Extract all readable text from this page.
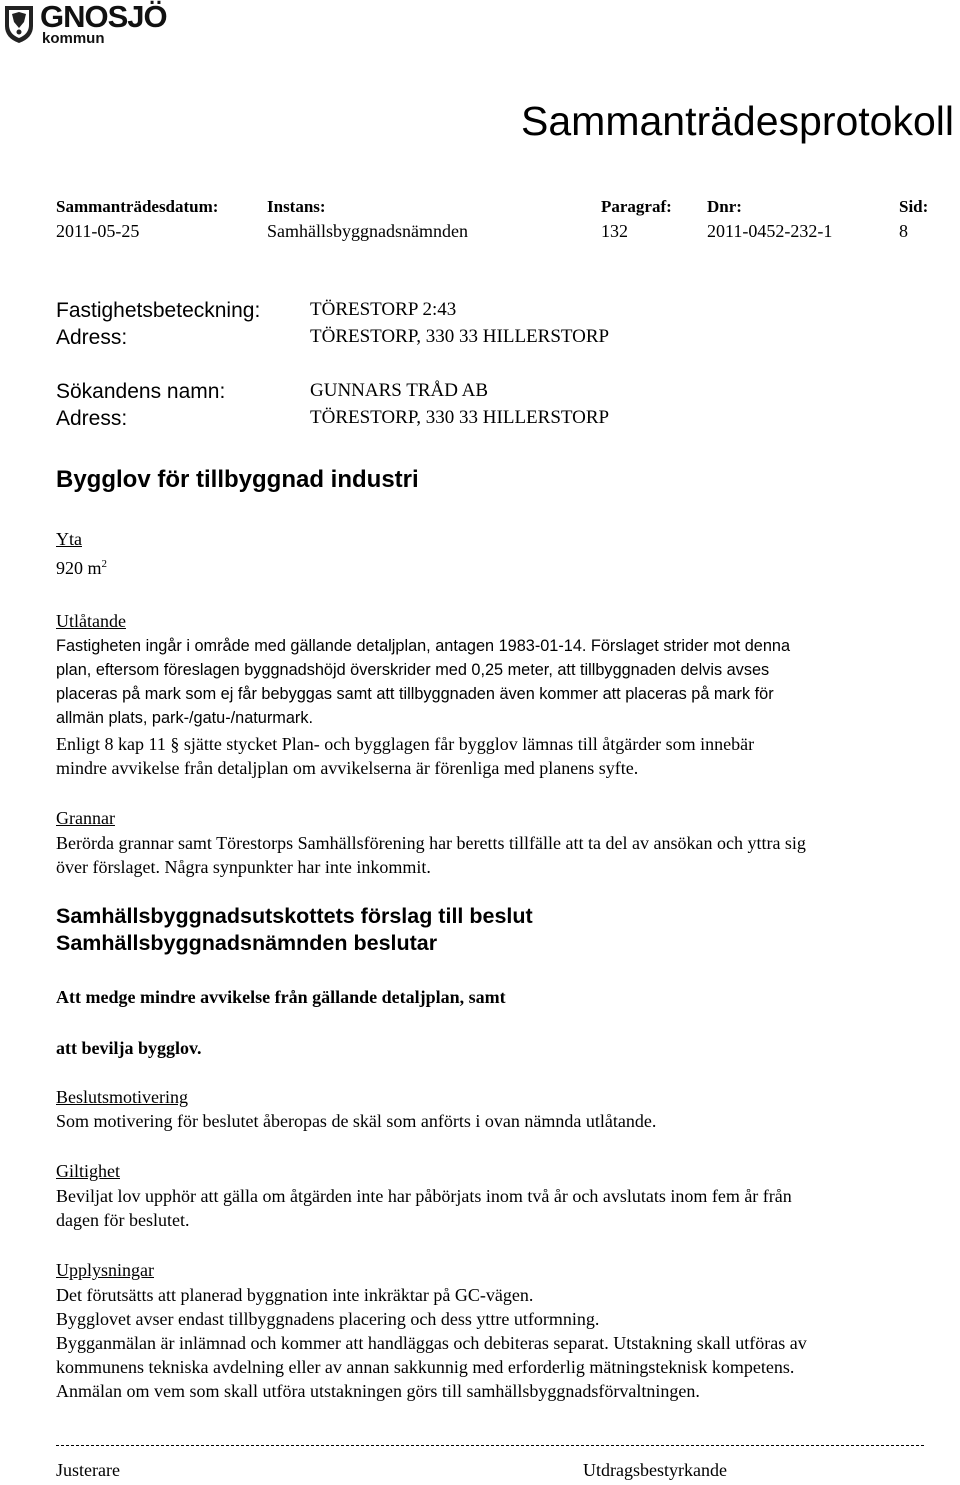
GNOSJÖ
kommun
Sammanträdesprotokoll
Sammanträdesdatum:
2011-05-25
Instans:
Samhällsbyggnadsnämnden
Paragraf:
132
Dnr:
2011-0452-232-1
Sid:
8
Fastighetsbeteckning:	TÖRESTORP 2:43
Adress:	TÖRESTORP, 330 33 HILLERSTORP
Sökandens namn:	GUNNARS TRÅD AB
Adress:	TÖRESTORP, 330 33 HILLERSTORP
Bygglov för tillbyggnad industri
Yta
920 $m^2$
Utlåtande
Fastigheten ingår i område med gällande detaljplan, antagen 1983-01-14. Förslaget strider mot denna
plan, eftersom föreslagen byggnadshöjd överskrider med 0,25 meter, att tillbyggnaden delvis avses
placeras på mark som ej får bebyggas samt att tillbyggnaden även kommer att placeras på mark för
allmän plats, park-/gatu-/naturmark.
Enligt 8 kap 11 § sjätte stycket Plan- och bygglagen får bygglov lämnas till åtgärder som innebär
mindre avvikelse från detaljplan om avvikelserna är förenliga med planens syfte.
Grannar
Berörda grannar samt Törestorps Samhällsförening har beretts tillfälle att ta del av ansökan och yttra sig
över förslaget. Några synpunkter har inte inkommit.
Samhällsbyggnadsutskottets förslag till beslut
Samhällsbyggnadsnämnden beslutar
Att medge mindre avvikelse från gällande detaljplan, samt
att bevilja bygglov.
Beslutsmotivering
Som motivering för beslutet åberopas de skäl som anförts i ovan nämnda utlåtande.
Giltighet
Beviljat lov upphör att gälla om åtgärden inte har påbörjats inom två år och avslutats inom fem år från
dagen för beslutet.
Upplysningar
Det förutsätts att planerad byggnation inte inkräktar på GC-vägen.
Bygglovet avser endast tillbyggnadens placering och dess yttre utformning.
Bygganmälan är inlämnad och kommer att handläggas och debiteras separat. Utstakning skall utföras av
kommunens tekniska avdelning eller av annan sakkunnig med erforderlig mätningsteknisk kompetens.
Anmälan om vem som skall utföra utstakningen görs till samhällsbyggnadsförvaltningen.
Justerare	Utdragsbestyrkande
